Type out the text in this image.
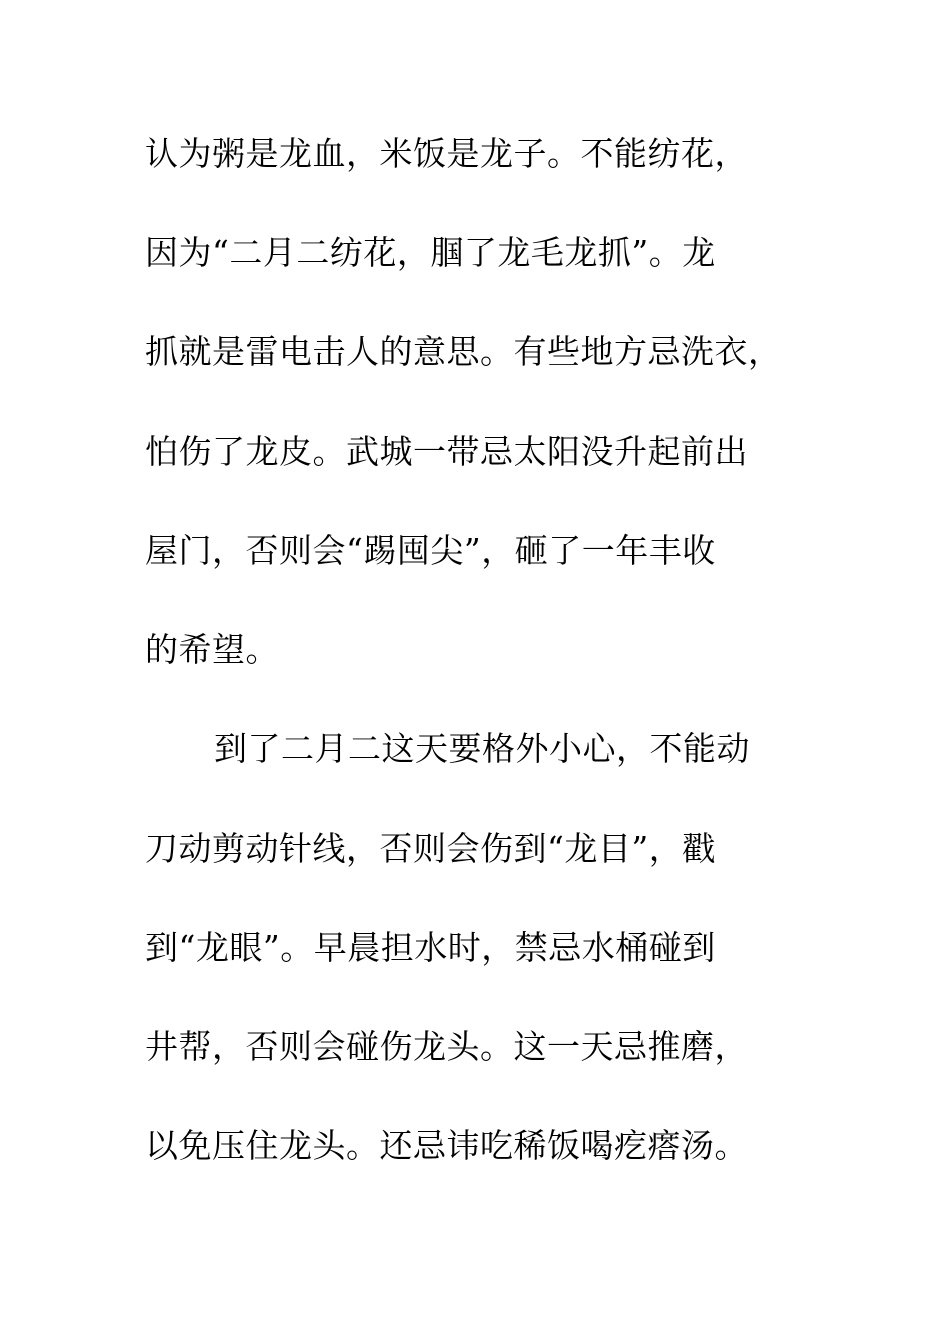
认为粥是龙血，米饭是龙子。不能纺花，
因为“二月二纺花，腘了龙毛龙抓”。龙
抓就是雷电击人的意思。有些地方忌洗衣，
怕伤了龙皮。武城一带忌太阳没升起前出
屋门，否则会“踢囤尖”，砸了一年丰收
的希望。
到了二月二这天要格外小心，不能动
刀动剪动针线，否则会伤到“龙目”，戳
到“龙眼”。早晨担水时，禁忌水桶碰到
井帮，否则会碰伤龙头。这一天忌推磨，
以免压住龙头。还忌讳吃稀饭喝疙瘩汤。
